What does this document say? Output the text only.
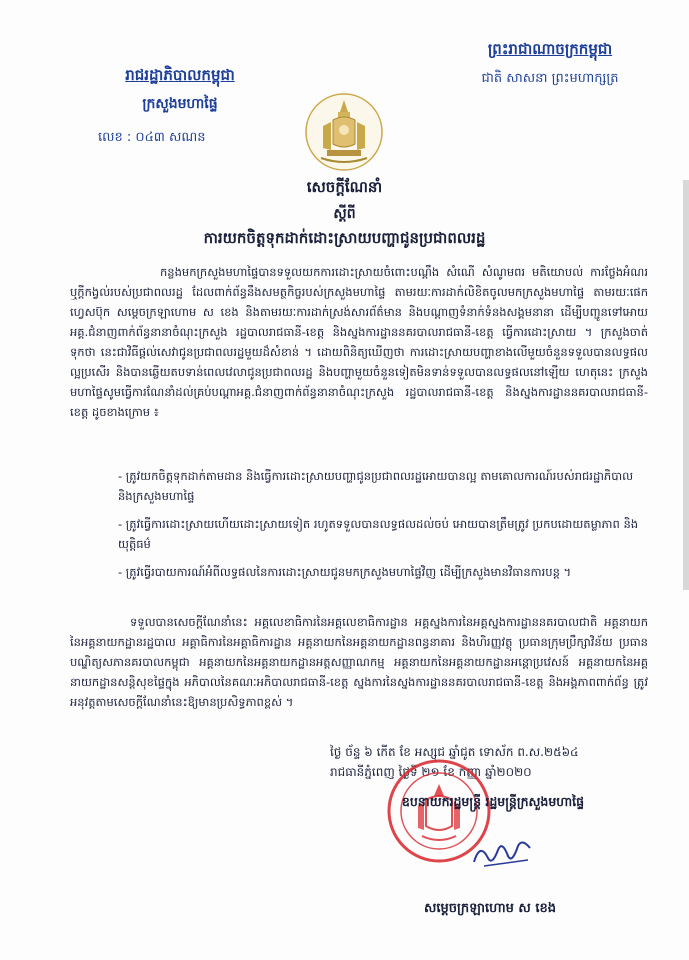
រាជរដ្ឋាភិបាលកម្ពុជា
ក្រសួងមហាផ្ទៃ
លេខ : ០៤៣ សណន
ព្រះរាជាណាចក្រកម្ពុជា
ជាតិ សាសនា ព្រះមហាក្សត្រ
សេចក្តីណែនាំ
ស្តីពី
ការយកចិត្តទុកដាក់ដោះស្រាយបញ្ហាជូនប្រជាពលរដ្ឋ
កន្លងមកក្រសួងមហាផ្ទៃបានទទួលយកការដោះស្រាយចំពោះបណ្តឹង សំណើ សំណូមពរ មតិយោបល់ ការថ្លែងអំណរ ឬក្តីកង្វល់របស់ប្រជាពលរដ្ឋ ដែលពាក់ព័ន្ធនឹងសមត្ថកិច្ចរបស់ក្រសួងមហាផ្ទៃ តាមរយៈការដាក់លិខិតចូលមកក្រសួងមហាផ្ទៃ តាមរយៈផេកហ្វេសប៊ុក សម្តេចក្រឡាហោម ស ខេង និងតាមរយៈការដាក់ស្រង់សារព័ត៌មាន និងបណ្តាញទំនាក់ទំនងសង្គមនានា ដើម្បីបញ្ជូនទៅអោយអគ្គ.ជំនាញពាក់ព័ន្ធនានាចំណុះក្រសួង រដ្ឋបាលរាជធានី-ខេត្ត និងស្នងការដ្ឋាននគរបាលរាជធានី-ខេត្ត ធ្វើការដោះស្រាយ ។ ក្រសួងចាត់ទុកថា នេះជាវិធីផ្តល់សេវាជូនប្រជាពលរដ្ឋមួយដ៏សំខាន់ ។ ដោយពិនិត្យឃើញថា ការដោះស្រាយបញ្ហាខាងលើមួយចំនួនទទួលបានលទ្ធផលល្អប្រសើរ និងបានឆ្លើយតបទាន់ពេលវេលាជូនប្រជាពលរដ្ឋ និងបញ្ហាមួយចំនួនទៀតមិនទាន់ទទួលបានលទ្ធផលនៅឡើយ ហេតុនេះ ក្រសួងមហាផ្ទៃសូមធ្វើការណែនាំដល់គ្រប់បណ្តាអគ្គ.ជំនាញពាក់ព័ន្ធនានាចំណុះក្រសួង រដ្ឋបាលរាជធានី-ខេត្ត និងស្នងការដ្ឋាននគរបាលរាជធានី-ខេត្ត ដូចខាងក្រោម ៖
- ត្រូវយកចិត្តទុកដាក់តាមដាន និងធ្វើការដោះស្រាយបញ្ហាជូនប្រជាពលរដ្ឋអោយបានល្អ តាមគោលការណ៍របស់រាជរដ្ឋាភិបាល និងក្រសួងមហាផ្ទៃ
- ត្រូវធ្វើការដោះស្រាយហើយដោះស្រាយទៀត រហូតទទួលបានលទ្ធផលដល់ចប់ អោយបានត្រឹមត្រូវ ប្រកបដោយតម្លាភាព និងយុត្តិធម៌
- ត្រូវធ្វើរបាយការណ៍អំពីលទ្ធផលនៃការដោះស្រាយជូនមកក្រសួងមហាផ្ទៃវិញ ដើម្បីក្រសួងមានវិធានការបន្ត ។
ទទួលបានសេចក្តីណែនាំនេះ អគ្គលេខាធិការនៃអគ្គលេខាធិការដ្ឋាន អគ្គស្នងការនៃអគ្គស្នងការដ្ឋាននគរបាលជាតិ អគ្គនាយកនៃអគ្គនាយកដ្ឋានរដ្ឋបាល អគ្គាធិការនៃអគ្គាធិការដ្ឋាន អគ្គនាយកនៃអគ្គនាយកដ្ឋានពន្ធនាគារ និងហិរញ្ញវត្ថុ ប្រធានក្រុមប្រឹក្សាវិន័យ ប្រធានបណ្ឌិត្យសភានគរបាលកម្ពុជា អគ្គនាយកនៃអគ្គនាយកដ្ឋានអត្តសញ្ញាណកម្ម អគ្គនាយកនៃអគ្គនាយកដ្ឋានអន្តោប្រវេសន៍ អគ្គនាយកនៃអគ្គនាយកដ្ឋានសន្តិសុខផ្ទៃក្នុង អភិបាលនៃគណៈអភិបាលរាជធានី-ខេត្ត ស្នងការនៃស្នងការដ្ឋាននគរបាលរាជធានី-ខេត្ត និងអង្គភាពពាក់ព័ន្ធ ត្រូវអនុវត្តតាមសេចក្តីណែនាំនេះឱ្យមានប្រសិទ្ធភាពខ្ពស់ ។
ថ្ងៃ ច័ន្ទ ៦ កើត ខែ អស្សុជ ឆ្នាំជូត ទោស័ក ព.ស.២៥៦៤
រាជធានីភ្នំពេញ ថ្ងៃទី ២១ ខែ កញ្ញា ឆ្នាំ២០២០
ឧបនាយករដ្ឋមន្ត្រី រដ្ឋមន្ត្រីក្រសួងមហាផ្ទៃ
សម្តេចក្រឡាហោម ស ខេង
